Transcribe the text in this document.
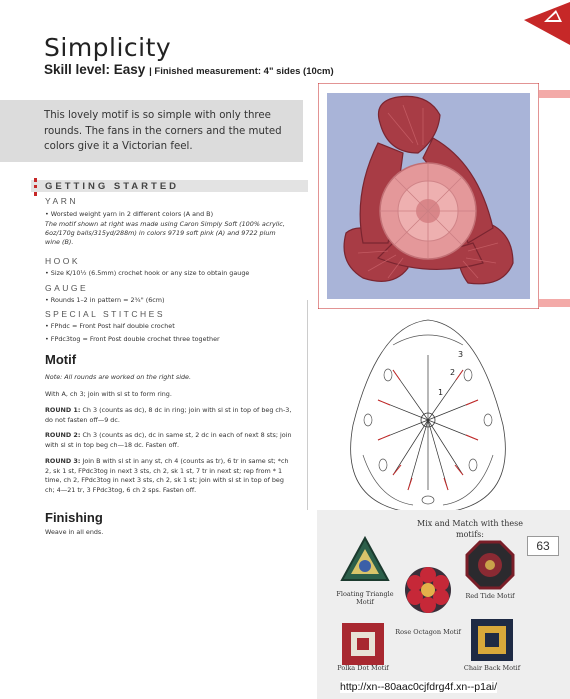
Simplicity
Skill level: Easy | Finished measurement: 4" sides (10cm)
This lovely motif is so simple with only three rounds. The fans in the corners and the muted colors give it a Victorian feel.
GETTING STARTED
YARN
• Worsted weight yarn in 2 different colors (A and B)
The motif shown at right was made using Caron Simply Soft (100% acrylic, 6oz/170g balls/315yd/288m) in colors 9719 soft pink (A) and 9722 plum wine (B).
HOOK
• Size K/10½ (6.5mm) crochet hook or any size to obtain gauge
GAUGE
• Rounds 1–2 in pattern = 2¾" (6cm)
SPECIAL STITCHES
• FPhdc = Front Post half double crochet
• FPdc3tog = Front Post double crochet three together
Motif
Note: All rounds are worked on the right side.
With A, ch 3; join with sl st to form ring.
ROUND 1: Ch 3 (counts as dc), 8 dc in ring; join with sl st in top of beg ch-3, do not fasten off—9 dc.
ROUND 2: Ch 3 (counts as dc), dc in same st, 2 dc in each of next 8 sts; join with sl st in top beg ch—18 dc. Fasten off.
ROUND 3: Join B with sl st in any st, ch 4 (counts as tr), 6 tr in same st; *ch 2, sk 1 st, FPdc3tog in next 3 sts, ch 2, sk 1 st, 7 tr in next st; rep from * 1 time, ch 2, FPdc3tog in next 3 sts, ch 2, sk 1 st; join with sl st in top of beg ch; 4—21 tr, 3 FPdc3tog, 6 ch 2 sps. Fasten off.
Finishing
Weave in all ends.
3
2
1
Mix and Match with these motifs:
63
Floating Triangle Motif
Red Tide Motif
Rose Octagon Motif
Polka Dot Motif	Chair Back Motif
http://xn--80aac0cjfdrg4f.xn--p1ai/
